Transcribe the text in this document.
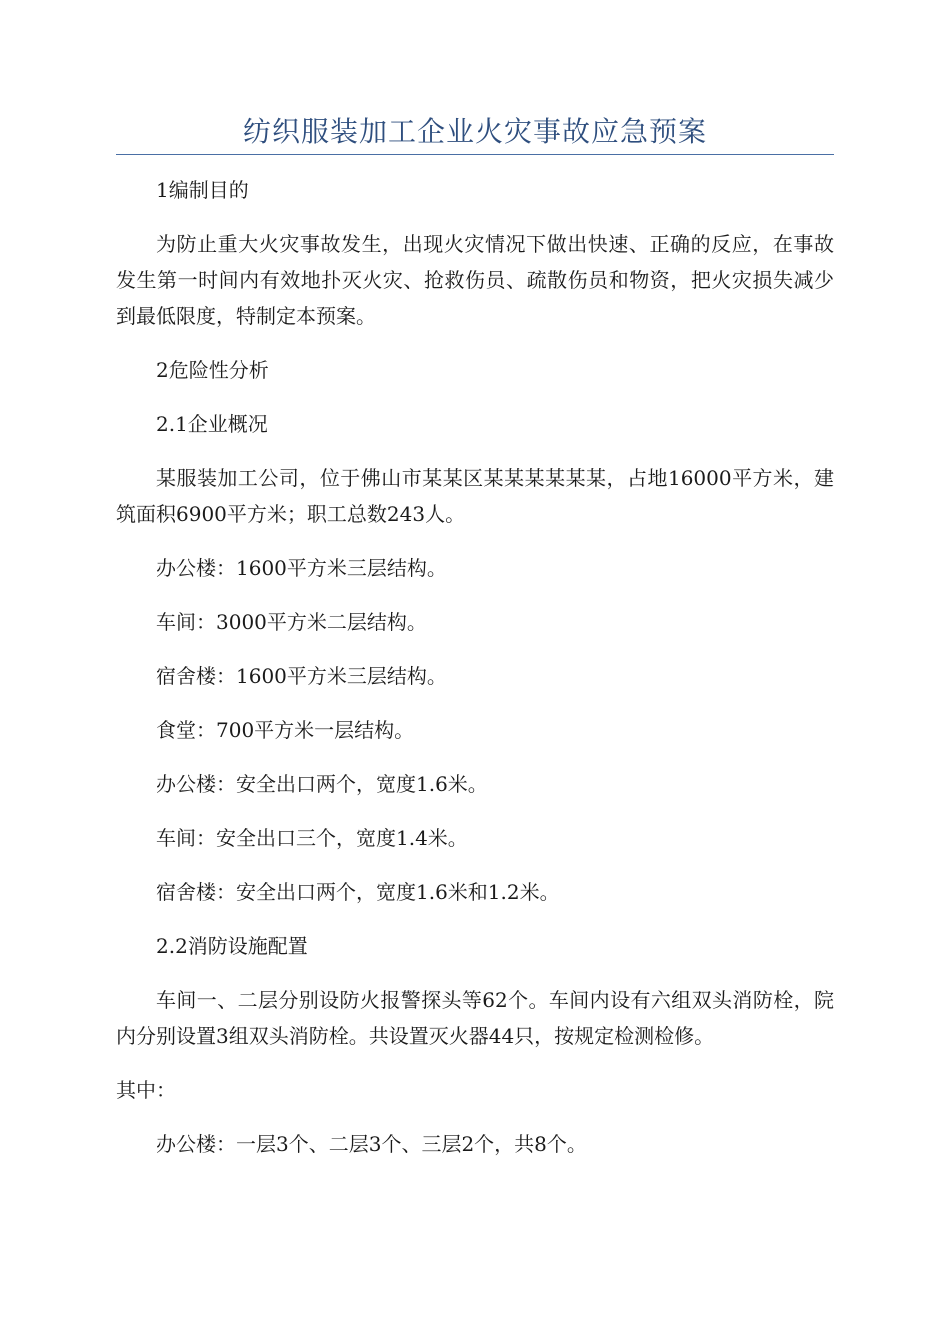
纺织服装加工企业火灾事故应急预案

1编制目的

为防止重大火灾事故发生，出现火灾情况下做出快速、正确的反应，在事故发生第一时间内有效地扑灭火灾、抢救伤员、疏散伤员和物资，把火灾损失减少到最低限度，特制定本预案。

2危险性分析

2.1企业概况

某服装加工公司，位于佛山市某某区某某某某某某，占地16000平方米，建筑面积6900平方米；职工总数243人。

办公楼：1600平方米三层结构。

车间：3000平方米二层结构。

宿舍楼：1600平方米三层结构。

食堂：700平方米一层结构。

办公楼：安全出口两个，宽度1.6米。

车间：安全出口三个，宽度1.4米。

宿舍楼：安全出口两个，宽度1.6米和1.2米。

2.2消防设施配置

车间一、二层分别设防火报警探头等62个。车间内设有六组双头消防栓，院内分别设置3组双头消防栓。共设置灭火器44只，按规定检测检修。

其中：

办公楼：一层3个、二层3个、三层2个，共8个。
